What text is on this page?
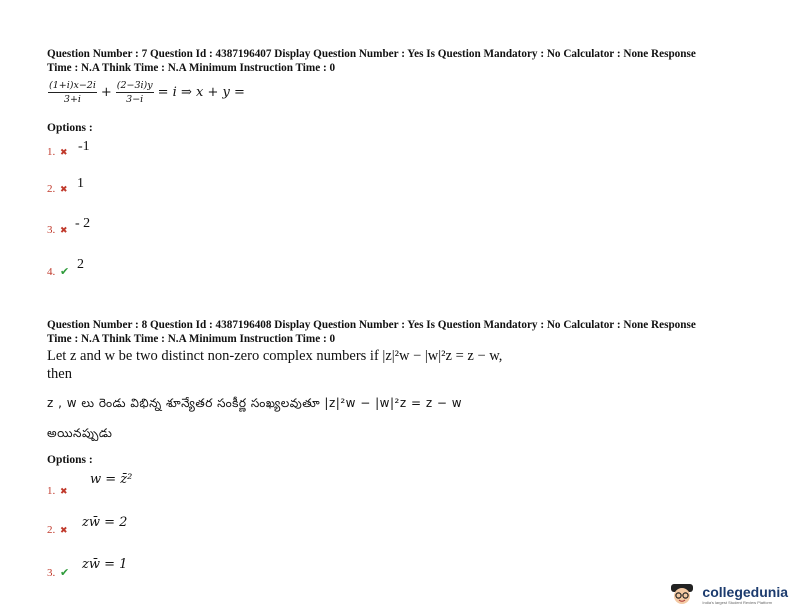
Question Number : 7 Question Id : 4387196407 Display Question Number : Yes Is Question Mandatory : No Calculator : None Response
Time : N.A Think Time : N.A Minimum Instruction Time : 0
$\frac{(1+i)x-2i}{3+i} + \frac{(2-3i)y}{3-i} = i$ ⇒ x + y =
Options :
1. ✖ -1
2. ✖ 1
3. ✖ - 2
4. ✔ 2
Question Number : 8 Question Id : 4387196408 Display Question Number : Yes Is Question Mandatory : No Calculator : None Response
Time : N.A Think Time : N.A Minimum Instruction Time : 0
Let z and w be two distinct non-zero complex numbers if |z|²w − |w|²z = z − w,
then
z , w లు రెండు విభిన్న శూన్యేతర సంకీర్ణ సంఖ్యలవుతూ |z|²w − |w|²z = z − w
అయినప్పుడు
Options :
1. ✖
w = z̄²
2. ✖ zw̄ = 2
3. ✔
zw̄ = 1
collegedunia
India's largest Student Review Platform
